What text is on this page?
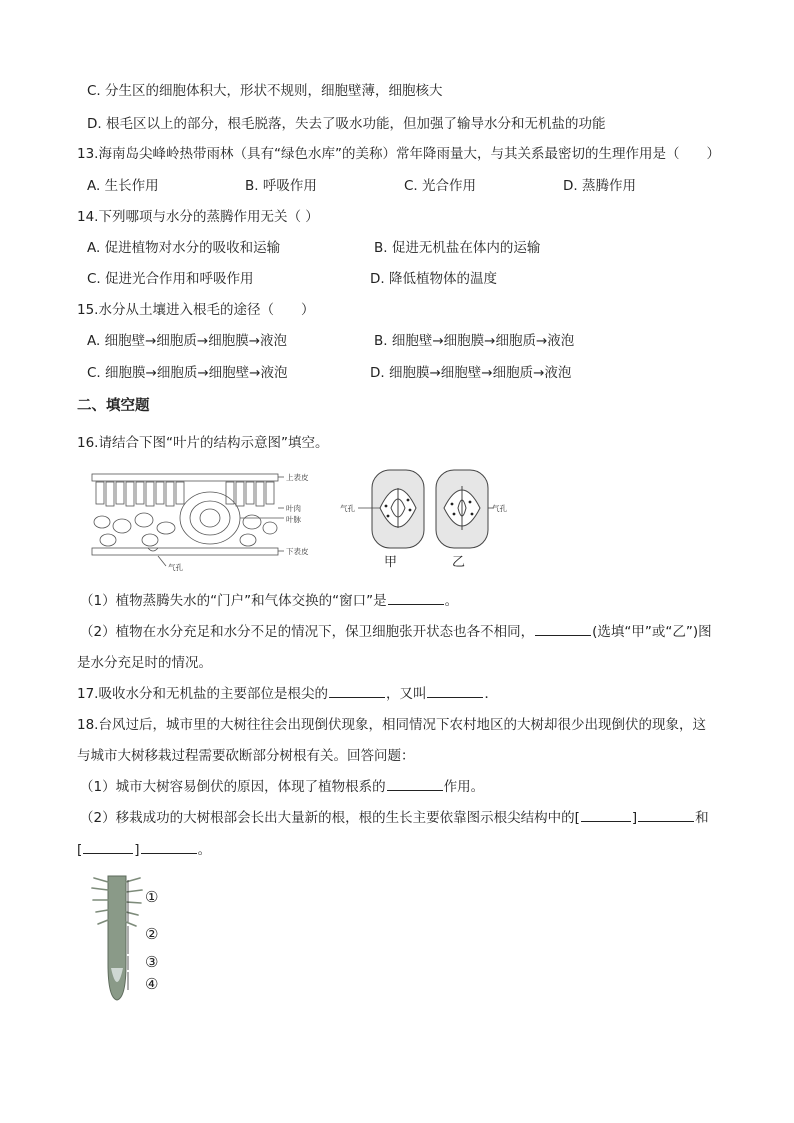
C. 分生区的细胞体积大，形状不规则，细胞壁薄，细胞核大
D. 根毛区以上的部分，根毛脱落，失去了吸水功能，但加强了输导水分和无机盐的功能
13.海南岛尖峰岭热带雨林（具有“绿色水库”的美称）常年降雨量大，与其关系最密切的生理作用是（　　）
A. 生长作用	B. 呼吸作用	C. 光合作用	D. 蒸腾作用
14.下列哪项与水分的蒸腾作用无关（ ）
A. 促进植物对水分的吸收和运输	B. 促进无机盐在体内的运输
C. 促进光合作用和呼吸作用	D. 降低植物体的温度
15.水分从土壤进入根毛的途径（　　）
A. 细胞壁→细胞质→细胞膜→液泡	B. 细胞壁→细胞膜→细胞质→液泡
C. 细胞膜→细胞质→细胞壁→液泡	D. 细胞膜→细胞壁→细胞质→液泡
二、填空题
16.请结合下图“叶片的结构示意图”填空。
上表皮
叶肉
叶脉
下表皮
气孔
气孔	气孔
甲	乙
（1）植物蒸腾失水的“门户”和气体交换的“窗口”是	。
（2）植物在水分充足和水分不足的情况下，保卫细胞张开状态也各不相同，	(选填“甲”或“乙”)图
是水分充足时的情况。
17.吸收水分和无机盐的主要部位是根尖的	，又叫	．
18.台风过后，城市里的大树往往会出现倒伏现象，相同情况下农村地区的大树却很少出现倒伏的现象，这
与城市大树移栽过程需要砍断部分树根有关。回答问题：
（1）城市大树容易倒伏的原因，体现了植物根系的	作用。
（2）移栽成功的大树根部会长出大量新的根，根的生长主要依靠图示根尖结构中的[	]	和
[	]	。
①
②
③
④
